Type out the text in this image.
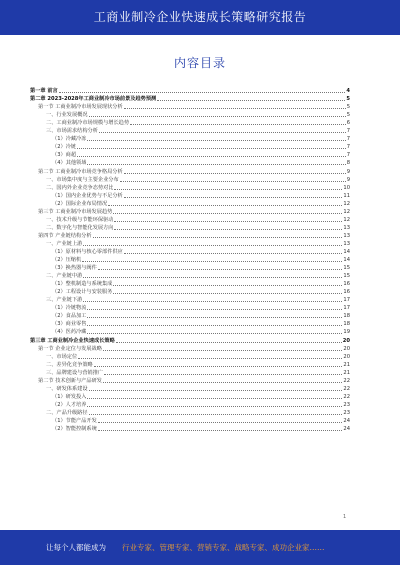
工商业制冷企业快速成长策略研究报告
内容目录
第一章 前言	4
第二章 2023-2028年工商业制冷市场前景及趋势预测	5
第一节 工商业制冷市场发展现状分析	5
一、行业发展概况	5
二、工商业制冷市场规模与增长趋势	6
三、市场需求结构分析	7
（1）冷藏冷冻	7
（2）冷链	7
（3）商超	7
（4）其他领域	8
第二节 工商业制冷市场竞争格局分析	9
一、市场集中度与主要企业分布	9
二、国内外企业竞争态势对比	10
（1）国内企业优势与不足分析	11
（2）国际企业布局情况	12
第三节 工商业制冷市场发展趋势	12
一、技术升级与节能环保驱动	12
二、数字化与智能化发展方向	13
第四节 产业链结构分析	13
一、产业链上游	13
（1）原材料与核心零部件供应	14
（2）压缩机	14
（3）换热器与阀件	15
二、产业链中游	15
（1）整机制造与系统集成	16
（2）工程设计与安装服务	16
三、产业链下游	17
（1）冷链物流	17
（2）食品加工	18
（3）商业零售	18
（4）医药冷藏	19
第三章 工商业制冷企业快速成长策略	20
第一节 企业定位与发展战略	20
一、市场定位	20
二、差异化竞争策略	21
三、品牌建设与营销推广	21
第二节 技术创新与产品研发	22
一、研发体系建设	22
（1）研发投入	22
（2）人才培养	23
二、产品升级路径	23
（1）节能产品开发	24
（2）智能控制系统	24
1
让每个人都能成为 行业专家、管理专家、营销专家、战略专家、成功企业家……
